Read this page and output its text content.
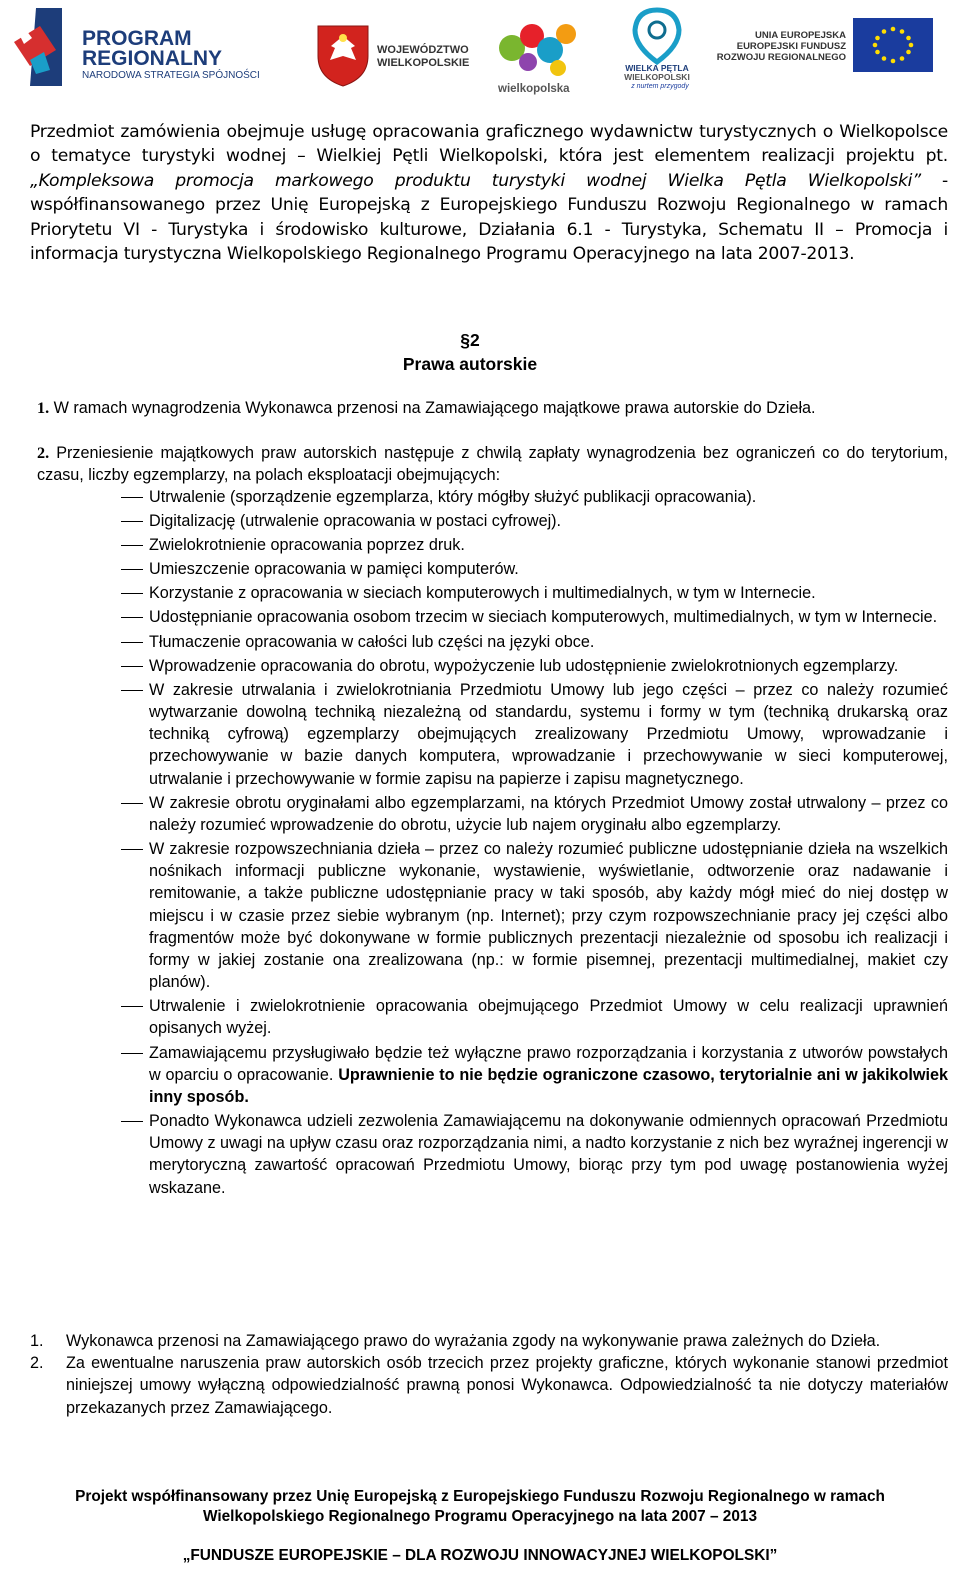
PROGRAM
REGIONALNY
NARODOWA STRATEGIA SPÓJNOŚCI
WOJEWÓDZTWO
WIELKOPOLSKIE
wielkopolska
WIELKA PĘTLA
WIELKOPOLSKI
z nurtem przygody
UNIA EUROPEJSKA
EUROPEJSKI FUNDUSZ
ROZWOJU REGIONALNEGO
Przedmiot zamówienia obejmuje usługę opracowania graficznego wydawnictw turystycznych o Wielkopolsce o tematyce turystyki wodnej – Wielkiej Pętli Wielkopolski, która jest elementem realizacji projektu pt. „Kompleksowa promocja markowego produktu turystyki wodnej Wielka Pętla Wielkopolski” - współfinansowanego przez Unię Europejską z Europejskiego Funduszu Rozwoju Regionalnego w ramach Priorytetu VI - Turystyka i środowisko kulturowe, Działania 6.1 - Turystyka, Schematu II – Promocja i informacja turystyczna Wielkopolskiego Regionalnego Programu Operacyjnego na lata 2007-2013.
§2
Prawa autorskie
1. W ramach wynagrodzenia Wykonawca przenosi na Zamawiającego majątkowe prawa autorskie do Dzieła.
2. Przeniesienie majątkowych praw autorskich następuje z chwilą zapłaty wynagrodzenia bez ograniczeń co do terytorium, czasu, liczby egzemplarzy, na polach eksploatacji obejmujących:
Utrwalenie (sporządzenie egzemplarza, który mógłby służyć publikacji opracowania).
Digitalizację (utrwalenie opracowania w postaci cyfrowej).
Zwielokrotnienie opracowania poprzez druk.
Umieszczenie opracowania w pamięci komputerów.
Korzystanie z opracowania w sieciach komputerowych i multimedialnych, w tym w Internecie.
Udostępnianie opracowania osobom trzecim w sieciach komputerowych, multimedialnych, w tym w Internecie.
Tłumaczenie opracowania w całości lub części na języki obce.
Wprowadzenie opracowania do obrotu, wypożyczenie lub udostępnienie zwielokrotnionych egzemplarzy.
W zakresie utrwalania i zwielokrotniania Przedmiotu Umowy lub jego części – przez co należy rozumieć wytwarzanie dowolną techniką niezależną od standardu, systemu i formy w tym (techniką drukarską oraz techniką cyfrową) egzemplarzy obejmujących zrealizowany Przedmiotu Umowy, wprowadzanie i przechowywanie w bazie danych komputera, wprowadzanie i przechowywanie w sieci komputerowej, utrwalanie i przechowywanie w formie zapisu na papierze i zapisu magnetycznego.
W zakresie obrotu oryginałami albo egzemplarzami, na których Przedmiot Umowy został utrwalony – przez co należy rozumieć wprowadzenie do obrotu, użycie lub najem oryginału albo egzemplarzy.
W zakresie rozpowszechniania dzieła – przez co należy rozumieć publiczne udostępnianie dzieła na wszelkich nośnikach informacji publiczne wykonanie, wystawienie, wyświetlanie, odtworzenie oraz nadawanie i remitowanie, a także publiczne udostępnianie pracy w taki sposób, aby każdy mógł mieć do niej dostęp w miejscu i w czasie przez siebie wybranym (np. Internet); przy czym rozpowszechnianie pracy jej części albo fragmentów może być dokonywane w formie publicznych prezentacji niezależnie od sposobu ich realizacji i formy w jakiej zostanie ona zrealizowana (np.: w formie pisemnej, prezentacji multimedialnej, makiet czy planów).
Utrwalenie i zwielokrotnienie opracowania obejmującego Przedmiot Umowy w celu realizacji uprawnień opisanych wyżej.
Zamawiającemu przysługiwało będzie też wyłączne prawo rozporządzania i korzystania z utworów powstałych w oparciu o opracowanie. Uprawnienie to nie będzie ograniczone czasowo, terytorialnie ani w jakikolwiek inny sposób.
Ponadto Wykonawca udzieli zezwolenia Zamawiającemu na dokonywanie odmiennych opracowań Przedmiotu Umowy z uwagi na upływ czasu oraz rozporządzania nimi, a nadto korzystanie z nich bez wyraźnej ingerencji w merytoryczną zawartość opracowań Przedmiotu Umowy, biorąc przy tym pod uwagę postanowienia wyżej wskazane.
1. Wykonawca przenosi na Zamawiającego prawo do wyrażania zgody na wykonywanie prawa zależnych do Dzieła.
2. Za ewentualne naruszenia praw autorskich osób trzecich przez projekty graficzne, których wykonanie stanowi przedmiot niniejszej umowy wyłączną odpowiedzialność prawną ponosi Wykonawca. Odpowiedzialność ta nie dotyczy materiałów przekazanych przez Zamawiającego.
Projekt współfinansowany przez Unię Europejską z Europejskiego Funduszu Rozwoju Regionalnego w ramach
Wielkopolskiego Regionalnego Programu Operacyjnego na lata 2007 – 2013
„FUNDUSZE EUROPEJSKIE – DLA ROZWOJU INNOWACYJNEJ WIELKOPOLSKI”
